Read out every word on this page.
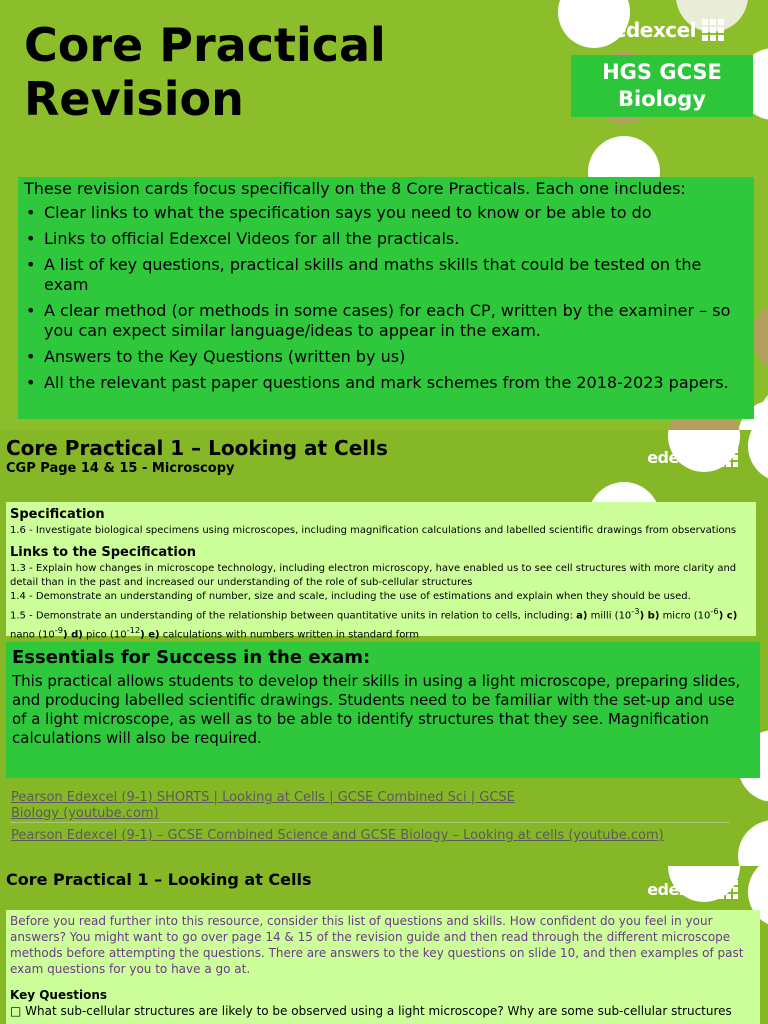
Core Practical
Revision
edexcel
HGS GCSE
Biology

These revision cards focus specifically on the 8 Core Practicals. Each one includes:

• Clear links to what the specification says you need to know or be able to do
• Links to official Edexcel Videos for all the practicals.
• A list of key questions, practical skills and maths skills that could be tested on the exam
• A clear method (or methods in some cases) for each CP, written by the examiner – so you can expect similar language/ideas to appear in the exam.
• Answers to the Key Questions (written by us)
• All the relevant past paper questions and mark schemes from the 2018-2023 papers.
Core Practical 1 – Looking at Cells
CGP Page 14 & 15 - Microscopy
edexcel
Specification

1.6 - Investigate biological specimens using microscopes, including magnification calculations and labelled scientific drawings from observations

Links to the Specification

1.3 - Explain how changes in microscope technology, including electron microscopy, have enabled us to see cell structures with more clarity and detail than in the past and increased our understanding of the role of sub-cellular structures

1.4 - Demonstrate an understanding of number, size and scale, including the use of estimations and explain when they should be used.

1.5 - Demonstrate an understanding of the relationship between quantitative units in relation to cells, including: a) milli $(10^{-3})$ b) micro $(10^{-6})$ c) nano $(10^{-9})$ d) pico $(10^{-12})$ e) calculations with numbers written in standard form

Essentials for Success in the exam:

This practical allows students to develop their skills in using a light microscope, preparing slides, and producing labelled scientific drawings. Students need to be familiar with the set-up and use of a light microscope, as well as to be able to identify structures that they see. Magnification calculations will also be required.

Pearson Edexcel (9-1) SHORTS | Looking at Cells | GCSE Combined Sci | GCSE Biology (youtube.com)
Pearson Edexcel (9-1) – GCSE Combined Science and GCSE Biology – Looking at cells (youtube.com)
Core Practical 1 – Looking at Cells
edexcel

Before you read further into this resource, consider this list of questions and skills. How confident do you feel in your answers? You might want to go over page 14 & 15 of the revision guide and then read through the different microscope methods before attempting the questions. There are answers to the key questions on slide 10, and then examples of past exam questions for you to have a go at.

Key Questions

□ What sub-cellular structures are likely to be observed using a light microscope? Why are some sub-cellular structures
